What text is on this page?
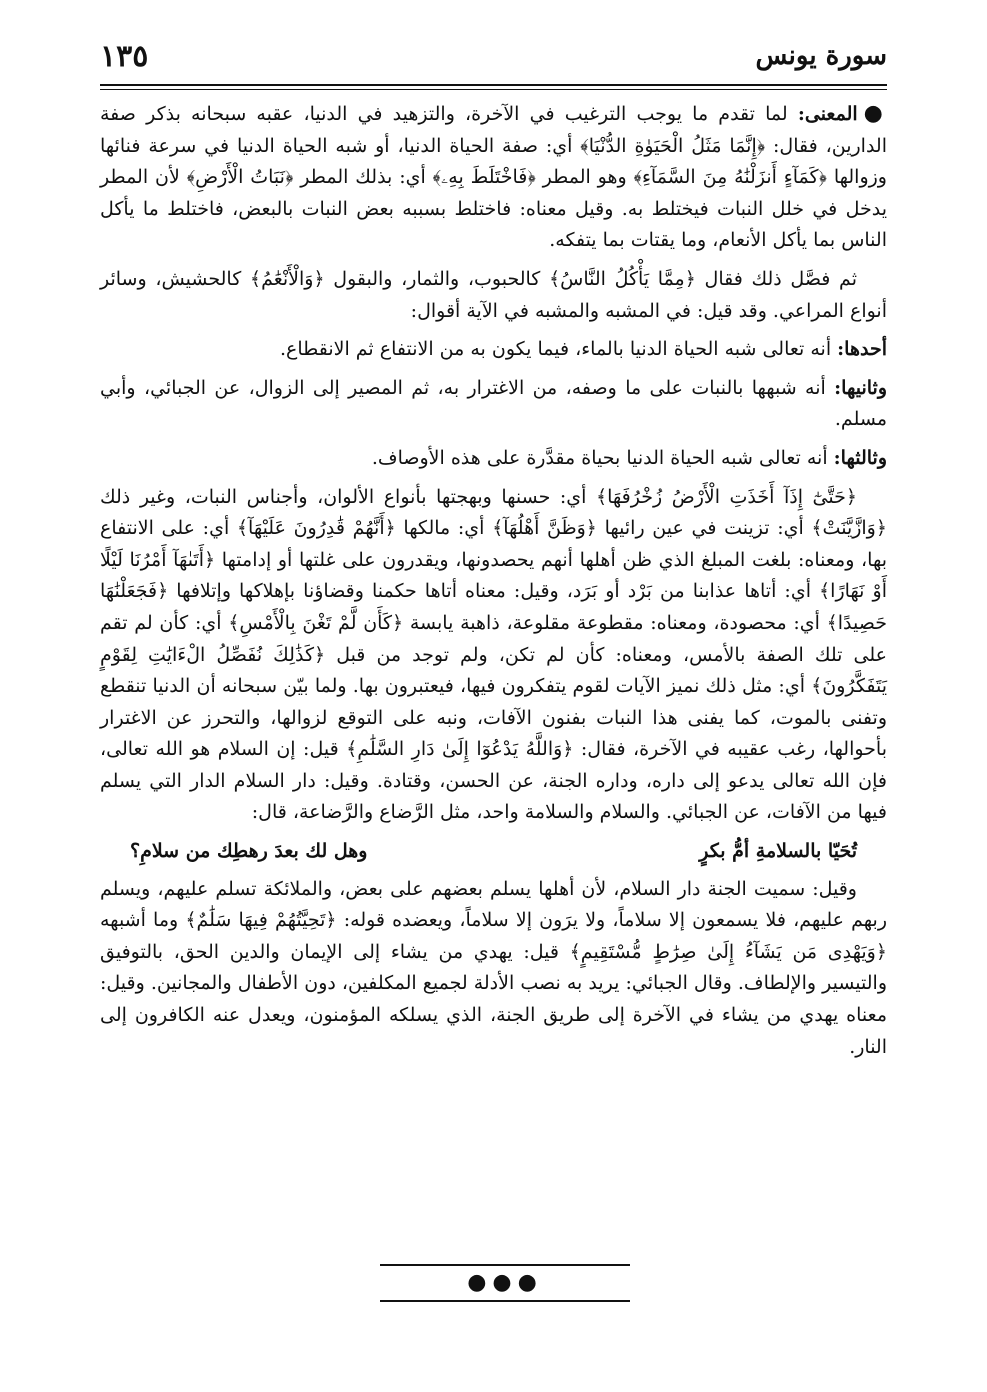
١٣٥	سورة يونس

●المعنى: لما تقدم ما يوجب الترغيب في الآخرة، والتزهيد في الدنيا، عقبه سبحانه بذكر صفة الدارين، فقال: ﴿إِنَّمَا مَثَلُ الْحَيَوٰةِ الدُّنْيَا﴾ أي: صفة الحياة الدنيا، أو شبه الحياة الدنيا في سرعة فنائها وزوالها ﴿كَمَآءٍ أَنزَلْنَٰهُ مِنَ السَّمَآءِ﴾ وهو المطر ﴿فَاخْتَلَطَ بِهِۦ﴾ أي: بذلك المطر ﴿نَبَاتُ الْأَرْضِ﴾ لأن المطر يدخل في خلل النبات فيختلط به. وقيل معناه: فاختلط بسببه بعض النبات بالبعض، فاختلط ما يأكل الناس بما يأكل الأنعام، وما يقتات بما يتفكه.

ثم فصَّل ذلك فقال ﴿مِمَّا يَأْكُلُ النَّاسُ﴾ كالحبوب، والثمار، والبقول ﴿وَالْأَنْعَٰمُ﴾ كالحشيش، وسائر أنواع المراعي. وقد قيل: في المشبه والمشبه في الآية أقوال:

أحدها: أنه تعالى شبه الحياة الدنيا بالماء، فيما يكون به من الانتفاع ثم الانقطاع.

وثانيها: أنه شبهها بالنبات على ما وصفه، من الاغترار به، ثم المصير إلى الزوال، عن الجبائي، وأبي مسلم.

وثالثها: أنه تعالى شبه الحياة الدنيا بحياة مقدَّرة على هذه الأوصاف.

﴿حَتَّىٰٓ إِذَآ أَخَذَتِ الْأَرْضُ زُخْرُفَهَا﴾ أي: حسنها وبهجتها بأنواع الألوان، وأجناس النبات، وغير ذلك ﴿وَازَّيَّنَتْ﴾ أي: تزينت في عين رائيها ﴿وَظَنَّ أَهْلُهَآ﴾ أي: مالكها ﴿أَنَّهُمْ قَٰدِرُونَ عَلَيْهَآ﴾ أي: على الانتفاع بها، ومعناه: بلغت المبلغ الذي ظن أهلها أنهم يحصدونها، ويقدرون على غلتها أو إدامتها ﴿أَتَىٰهَآ أَمْرُنَا لَيْلًا أَوْ نَهَارًا﴾ أي: أتاها عذابنا من بَرْد أو بَرَد، وقيل: معناه أتاها حكمنا وقضاؤنا بإهلاكها وإتلافها ﴿فَجَعَلْنَٰهَا حَصِيدًا﴾ أي: محصودة، ومعناه: مقطوعة مقلوعة، ذاهبة يابسة ﴿كَأَن لَّمْ تَغْنَ بِالْأَمْسِ﴾ أي: كأن لم تقم على تلك الصفة بالأمس، ومعناه: كأن لم تكن، ولم توجد من قبل ﴿كَذَٰلِكَ نُفَصِّلُ الْءَايَٰتِ لِقَوْمٍ يَتَفَكَّرُونَ﴾ أي: مثل ذلك نميز الآيات لقوم يتفكرون فيها، فيعتبرون بها. ولما بيّن سبحانه أن الدنيا تنقطع وتفنى بالموت، كما يفنى هذا النبات بفنون الآفات، ونبه على التوقع لزوالها، والتحرز عن الاغترار بأحوالها، رغب عقيبه في الآخرة، فقال: ﴿وَاللَّهُ يَدْعُوٓا إِلَىٰ دَارِ السَّلَٰمِ﴾ قيل: إن السلام هو الله تعالى، فإن الله تعالى يدعو إلى داره، وداره الجنة، عن الحسن، وقتادة. وقيل: دار السلام الدار التي يسلم فيها من الآفات، عن الجبائي. والسلام والسلامة واحد، مثل الرَّضاع والرَّضاعة، قال:

تُحَيّا بالسلامةِ أمُّ بكرٍ
وهل لك بعدَ رهطِك من سلامِ؟

وقيل: سميت الجنة دار السلام، لأن أهلها يسلم بعضهم على بعض، والملائكة تسلم عليهم، ويسلم ربهم عليهم، فلا يسمعون إلا سلاماً، ولا يرَون إلا سلاماً، ويعضده قوله: ﴿تَحِيَّتُهُمْ فِيهَا سَلَٰمٌ﴾ وما أشبهه ﴿وَيَهْدِى مَن يَشَآءُ إِلَىٰ صِرَٰطٍ مُّسْتَقِيمٍ﴾ قيل: يهدي من يشاء إلى الإيمان والدين الحق، بالتوفيق والتيسير والإلطاف. وقال الجبائي: يريد به نصب الأدلة لجميع المكلفين، دون الأطفال والمجانين. وقيل: معناه يهدي من يشاء في الآخرة إلى طريق الجنة، الذي يسلكه المؤمنون، ويعدل عنه الكافرون إلى النار.

●●●
